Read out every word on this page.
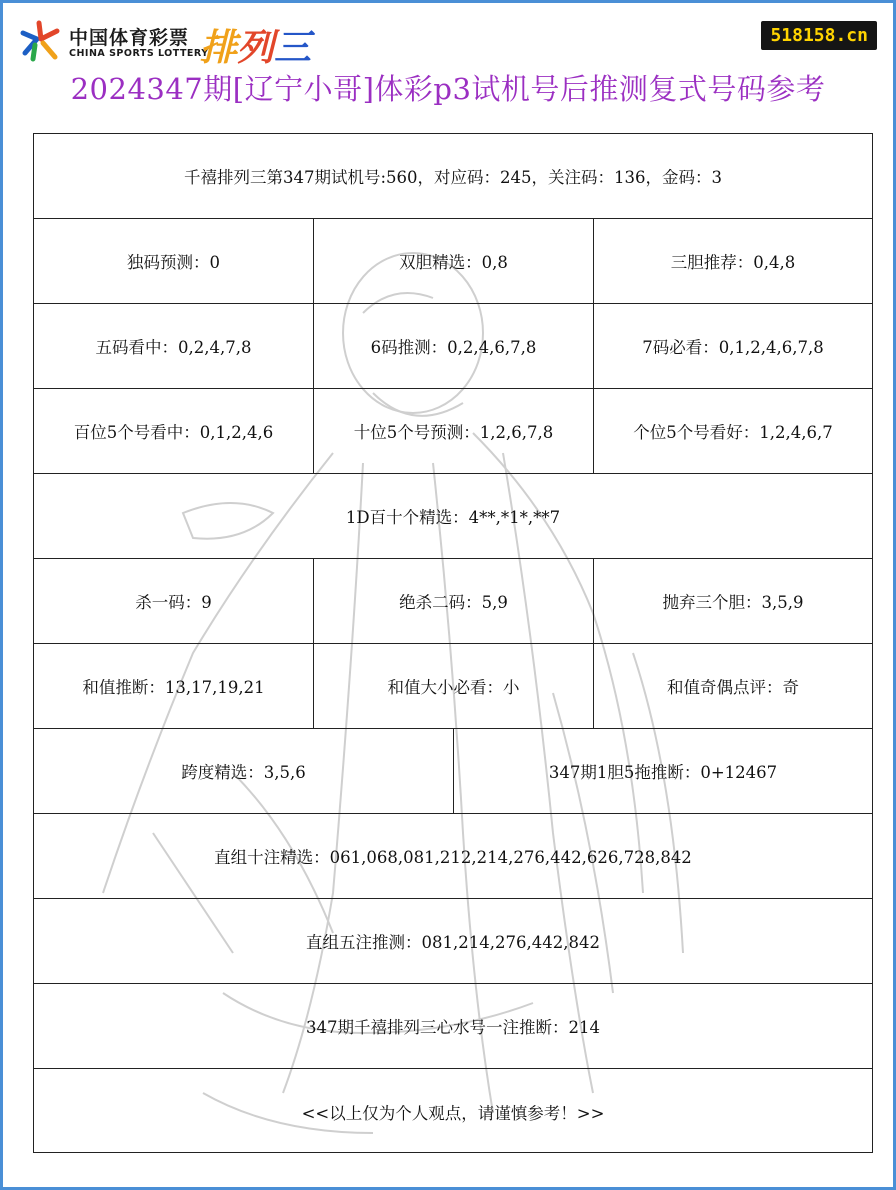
中国体育彩票
CHINA SPORTS LOTTERY
排列三	518158.cn
2024347期[辽宁小哥]体彩p3试机号后推测复式号码参考
千禧排列三第347期试机号:560，对应码：245，关注码：136，金码：3
独码预测：0	双胆精选：0,8	三胆推荐：0,4,8
五码看中：0,2,4,7,8	6码推测：0,2,4,6,7,8	7码必看：0,1,2,4,6,7,8
百位5个号看中：0,1,2,4,6	十位5个号预测：1,2,6,7,8	个位5个号看好：1,2,4,6,7
1D百十个精选：4**,*1*,**7
杀一码：9	绝杀二码：5,9	抛弃三个胆：3,5,9
和值推断：13,17,19,21	和值大小必看：小	和值奇偶点评：奇
跨度精选：3,5,6	347期1胆5拖推断：0+12467
直组十注精选：061,068,081,212,214,276,442,626,728,842
直组五注推测：081,214,276,442,842
347期千禧排列三心水号一注推断：214
<<以上仅为个人观点，请谨慎参考！>>
